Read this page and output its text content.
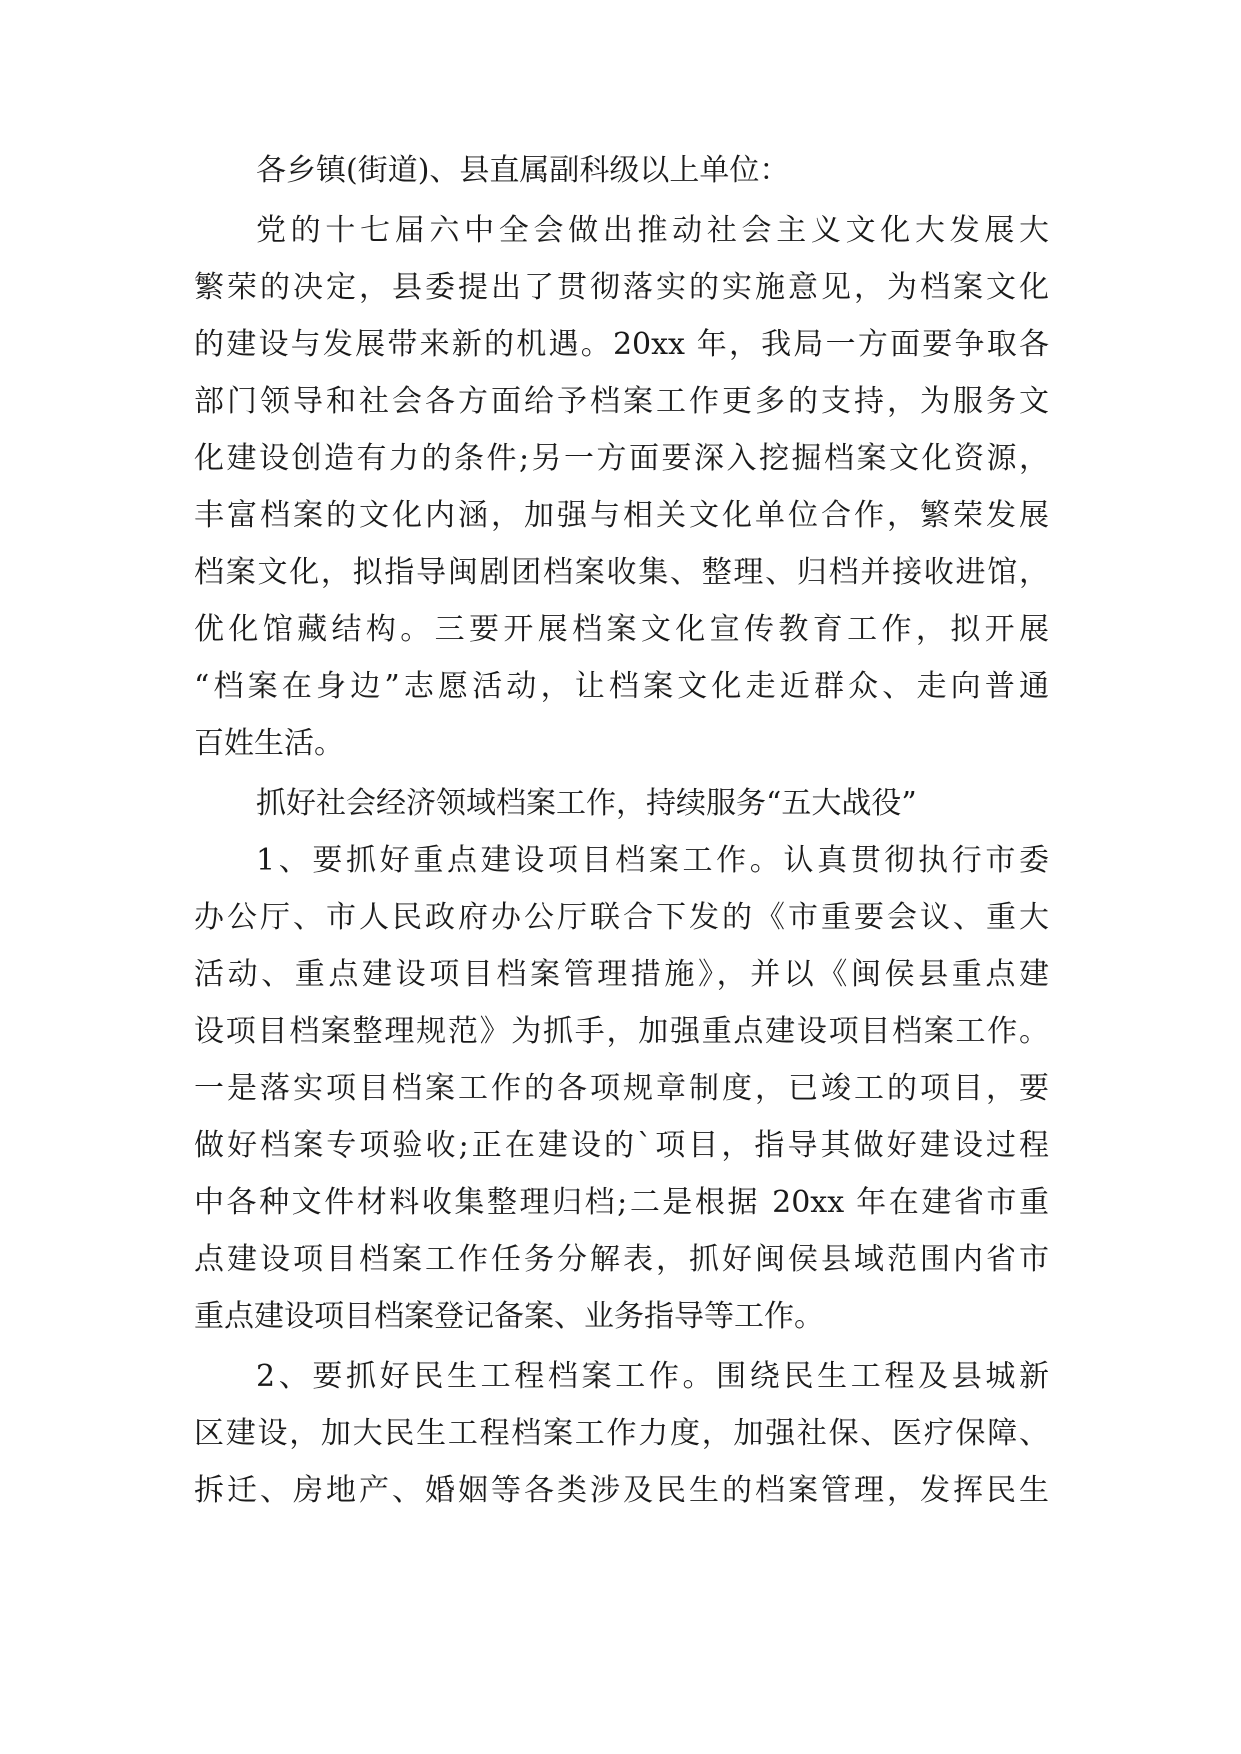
各乡镇(街道)、县直属副科级以上单位：
党的十七届六中全会做出推动社会主义文化大发展大
繁荣的决定，县委提出了贯彻落实的实施意见，为档案文化
的建设与发展带来新的机遇。20xx 年，我局一方面要争取各
部门领导和社会各方面给予档案工作更多的支持，为服务文
化建设创造有力的条件;另一方面要深入挖掘档案文化资源，
丰富档案的文化内涵，加强与相关文化单位合作，繁荣发展
档案文化，拟指导闽剧团档案收集、整理、归档并接收进馆，
优化馆藏结构。三要开展档案文化宣传教育工作，拟开展
“档案在身边”志愿活动，让档案文化走近群众、走向普通
百姓生活。
抓好社会经济领域档案工作，持续服务“五大战役”
1、要抓好重点建设项目档案工作。认真贯彻执行市委
办公厅、市人民政府办公厅联合下发的《市重要会议、重大
活动、重点建设项目档案管理措施》，并以《闽侯县重点建
设项目档案整理规范》为抓手，加强重点建设项目档案工作。
一是落实项目档案工作的各项规章制度，已竣工的项目，要
做好档案专项验收;正在建设的`项目，指导其做好建设过程
中各种文件材料收集整理归档;二是根据 20xx 年在建省市重
点建设项目档案工作任务分解表，抓好闽侯县域范围内省市
重点建设项目档案登记备案、业务指导等工作。
2、要抓好民生工程档案工作。围绕民生工程及县城新
区建设，加大民生工程档案工作力度，加强社保、医疗保障、
拆迁、房地产、婚姻等各类涉及民生的档案管理，发挥民生
